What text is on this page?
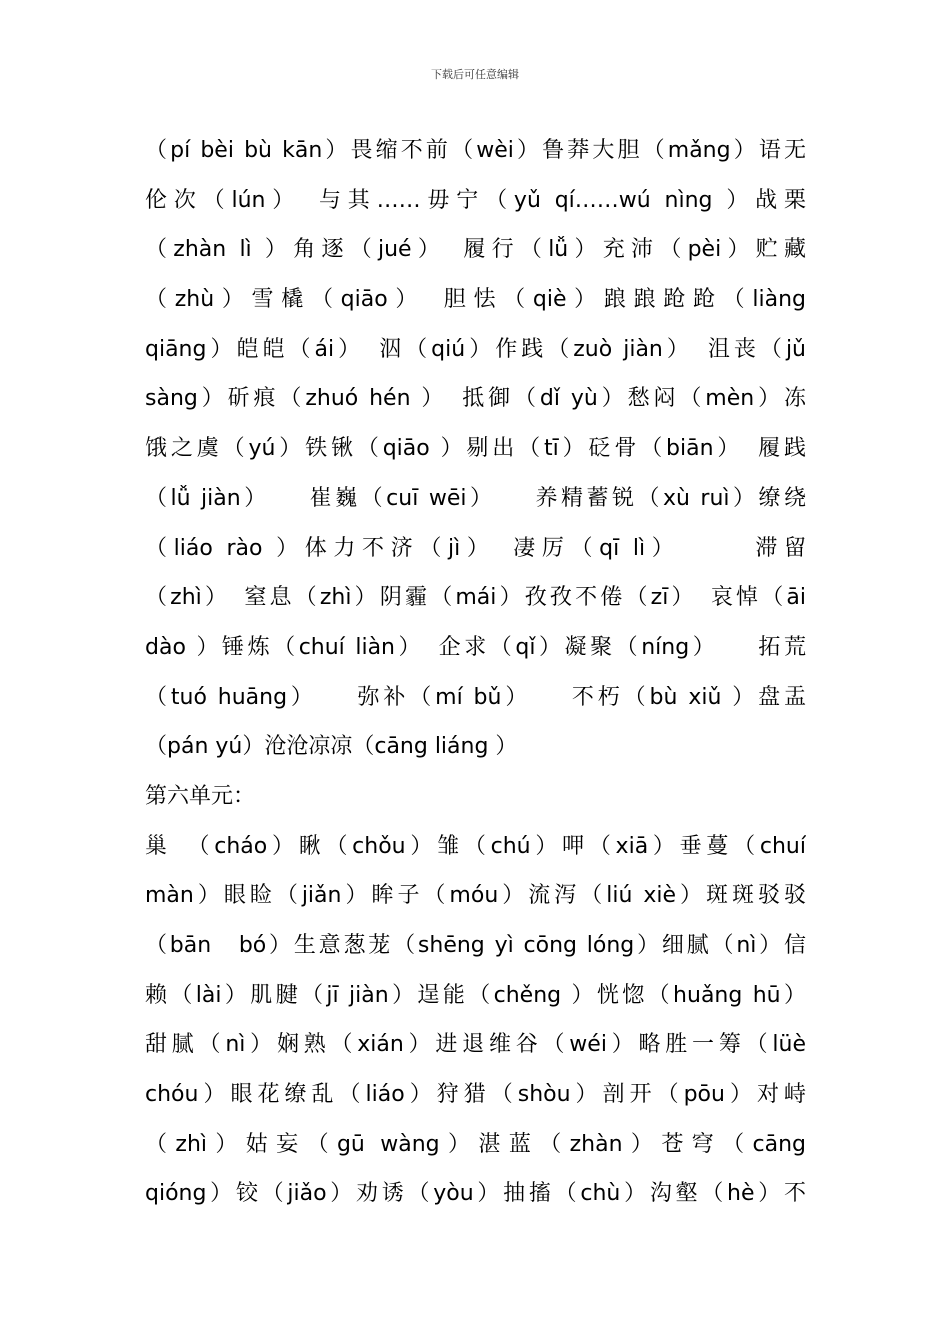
下载后可任意编辑
（pí bèi bù kān）畏缩不前（wèi）鲁莽大胆（mǎng）语无
伦次（lún）　与其……毋宁（yǔ qí……wú nìng ）战栗
（zhàn lì ）角逐（jué）　履行（lǚ）充沛（pèi）贮藏
（zhù）雪橇（qiāo）　胆怯（qiè）踉踉跄跄（liàng
qiāng）皑皑（ái）　泅（qiú）作践（zuò jiàn）　沮丧（jǔ
sàng）斫痕（zhuó hén ）　抵御（dǐ yù）愁闷（mèn）冻
饿之虞（yú）铁锹（qiāo ）剔出（tī）砭骨（biān）　履践
（lǚ jiàn）　　崔巍（cuī wēi）　　养精蓄锐（xù ruì）缭绕
（liáo rào ）体力不济（jì）　凄厉（qī lì）　　　滞留
（zhì）　窒息（zhì）阴霾（mái）孜孜不倦（zī）　哀悼（āi
dào ）锤炼（chuí liàn）　企求（qǐ）凝聚（níng）　　拓荒
（tuó huāng）　　弥补（mí bǔ）　　不朽（bù xiǔ ）盘盂
（pán yú）沧沧凉凉（cāng liáng ）
第六单元：
巢　（cháo）瞅（chǒu）雏（chú）呷（xiā）垂蔓（chuí
màn）眼睑（jiǎn）眸子（móu）流泻（liú xiè）斑斑驳驳
（bān　bó）生意葱茏（shēng yì cōng lóng）细腻（nì）信
赖（lài）肌腱（jī jiàn）逞能（chěng ）恍惚（huǎng hū）
甜腻（nì）娴熟（xián）进退维谷（wéi）略胜一筹（lüè
chóu）眼花缭乱（liáo）狩猎（shòu）剖开（pōu）对峙
（zhì）姑妄（gū wàng）湛蓝（zhàn）苍穹（cāng
qióng）铰（jiǎo）劝诱（yòu）抽搐（chù）沟壑（hè）不
